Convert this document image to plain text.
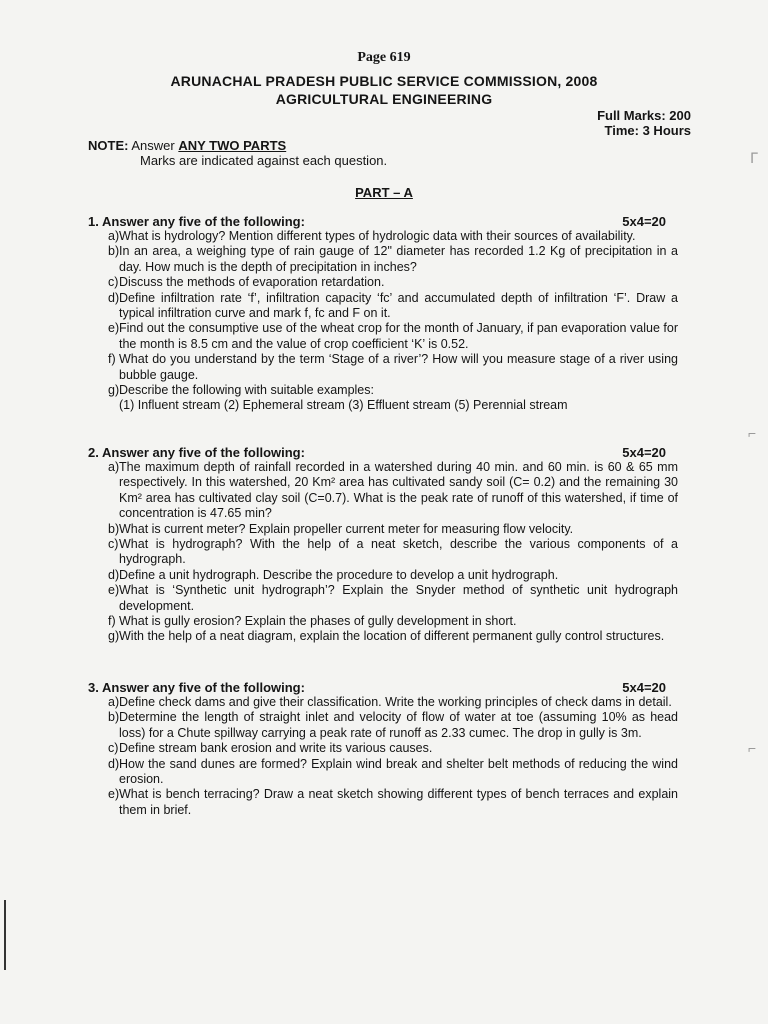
Page 619
ARUNACHAL PRADESH PUBLIC SERVICE COMMISSION, 2008
AGRICULTURAL ENGINEERING
Full Marks: 200
Time: 3 Hours
NOTE: Answer ANY TWO PARTS
Marks are indicated against each question.
PART – A
1. Answer any five of the following:	5x4=20
a) What is hydrology? Mention different types of hydrologic data with their sources of availability.
b) In an area, a weighing type of rain gauge of 12" diameter has recorded 1.2 Kg of precipitation in a day. How much is the depth of precipitation in inches?
c) Discuss the methods of evaporation retardation.
d) Define infiltration rate ‘f’, infiltration capacity ‘fc’ and accumulated depth of infiltration ‘F’. Draw a typical infiltration curve and mark f, fc and F on it.
e) Find out the consumptive use of the wheat crop for the month of January, if pan evaporation value for the month is 8.5 cm and the value of crop coefficient ‘K’ is 0.52.
f) What do you understand by the term ‘Stage of a river’? How will you measure stage of a river using bubble gauge.
g) Describe the following with suitable examples:
(1) Influent stream (2) Ephemeral stream (3) Effluent stream (5) Perennial stream
2. Answer any five of the following:	5x4=20
a) The maximum depth of rainfall recorded in a watershed during 40 min. and 60 min. is 60 & 65 mm respectively. In this watershed, 20 Km² area has cultivated sandy soil (C= 0.2) and the remaining 30 Km² area has cultivated clay soil (C=0.7). What is the peak rate of runoff of this watershed, if time of concentration is 47.65 min?
b) What is current meter? Explain propeller current meter for measuring flow velocity.
c) What is hydrograph? With the help of a neat sketch, describe the various components of a hydrograph.
d) Define a unit hydrograph. Describe the procedure to develop a unit hydrograph.
e) What is ‘Synthetic unit hydrograph’? Explain the Snyder method of synthetic unit hydrograph development.
f) What is gully erosion? Explain the phases of gully development in short.
g) With the help of a neat diagram, explain the location of different permanent gully control structures.
3. Answer any five of the following:	5x4=20
a) Define check dams and give their classification. Write the working principles of check dams in detail.
b) Determine the length of straight inlet and velocity of flow of water at toe (assuming 10% as head loss) for a Chute spillway carrying a peak rate of runoff as 2.33 cumec. The drop in gully is 3m.
c) Define stream bank erosion and write its various causes.
d) How the sand dunes are formed? Explain wind break and shelter belt methods of reducing the wind erosion.
e) What is bench terracing? Draw a neat sketch showing different types of bench terraces and explain them in brief.
ᒥ
⌐
⌐
